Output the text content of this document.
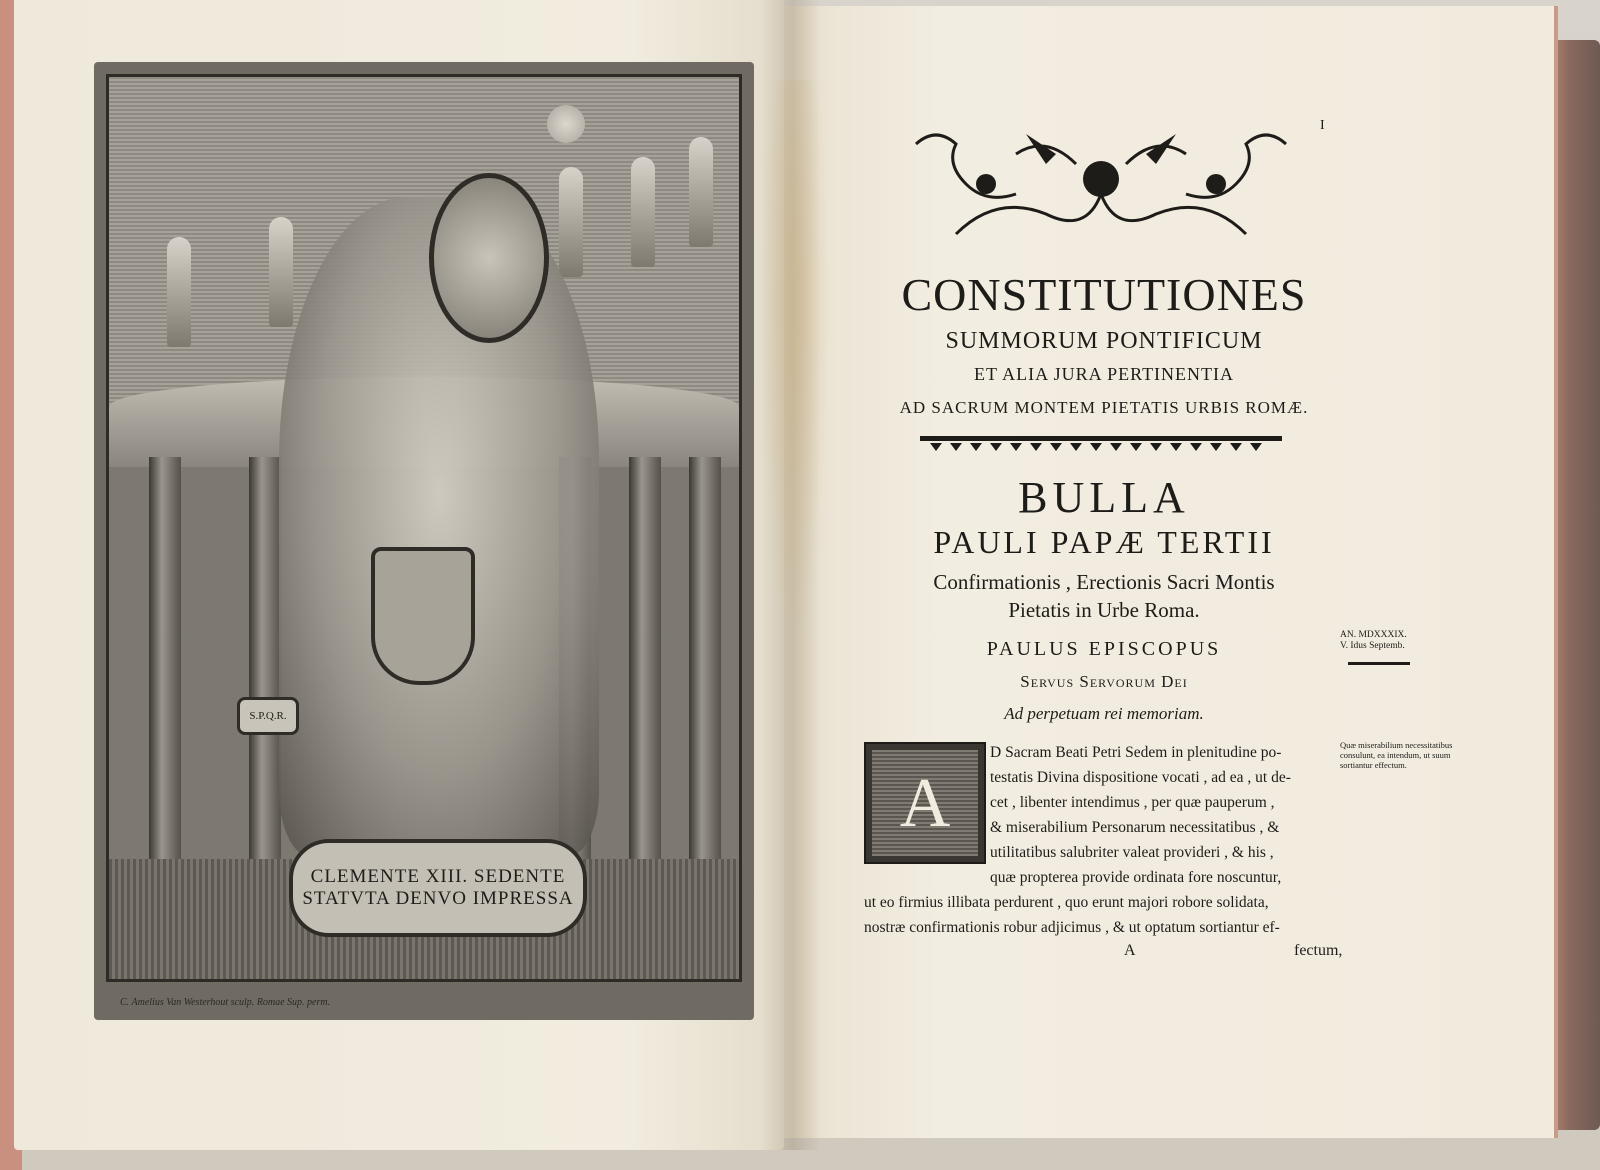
S.P.Q.R.
CLEMENTE XIII. SEDENTE
STATVTA DENVO IMPRESSA
C. Amelius Van Westerhout sculp. Romae Sup. perm.
I
CONSTITUTIONES
SUMMORUM PONTIFICUM
ET ALIA JURA PERTINENTIA
AD SACRUM MONTEM PIETATIS URBIS ROMÆ.
BULLA
PAULI PAPÆ TERTII
Confirmationis , Erectionis Sacri Montis
Pietatis in Urbe Roma.
PAULUS EPISCOPUS
Servus Servorum Dei
Ad perpetuam rei memoriam.
AN. MDXXXIX.
V. Idus Septemb.
Quæ miserabilium necessitatibus consulunt, ea intendum, ut suum sortiantur effectum.
A
D Sacram Beati Petri Sedem in plenitudine po-
testatis Divina dispositione vocati , ad ea , ut de-
cet , libenter intendimus , per quæ pauperum ,
& miserabilium Personarum necessitatibus , &
utilitatibus salubriter valeat provideri , & his ,
quæ propterea provide ordinata fore noscuntur,
ut eo firmius illibata perdurent , quo erunt majori robore solidata,
nostræ confirmationis robur adjicimus , & ut optatum sortiantur ef-
A	fectum,
